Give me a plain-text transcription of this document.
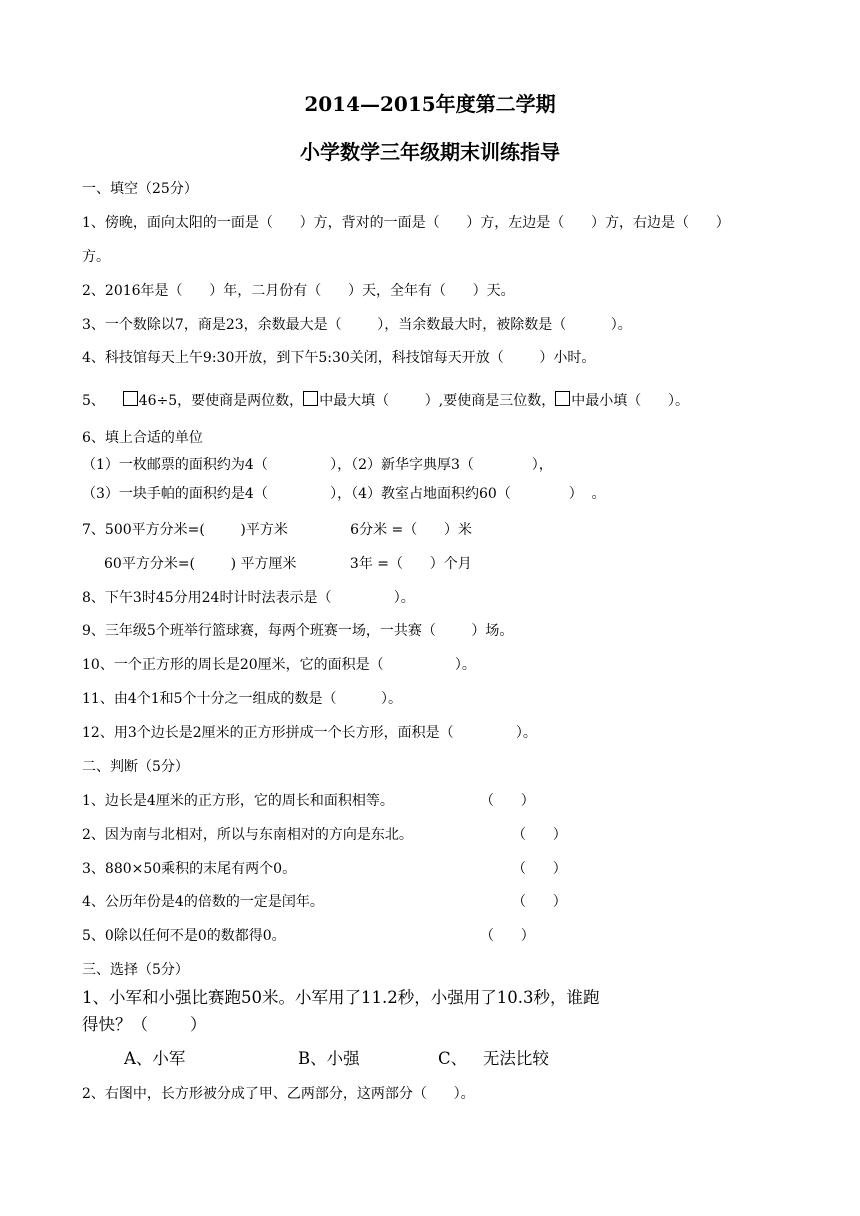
2014—2015年度第二学期
小学数学三年级期末训练指导
一、填空（25分）
1、傍晚，面向太阳的一面是（      ）方，背对的一面是（      ）方，左边是（      ）方，右边是（      ）
方。
2、2016年是（      ）年，二月份有（      ）天，全年有（      ）天。
3、一个数除以7，商是23，余数最大是（        ），当余数最大时，被除数是（          ）。
4、科技馆每天上午9:30开放，到下午5:30关闭，科技馆每天开放（        ）小时。
5、 46÷5，要使商是两位数， 中最大填（        ）,要使商是三位数， 中最小填（      ）。
6、填上合适的单位
（1）一枚邮票的面积约为4（              ），（2）新华字典厚3（             ），
（3）一块手帕的面积约是4（              ），（4）教室占地面积约60（             ）  。
7、500平方分米=(        )平方米              6分米 =（      ）米
60平方分米=(        ) 平方厘米            3年 =（      ）个月
8、下午3时45分用24时计时法表示是（              ）。
9、三年级5个班举行篮球赛，每两个班赛一场，一共赛（        ）场。
10、一个正方形的周长是20厘米，它的面积是（                ）。
11、由4个1和5个十分之一组成的数是（          ）。
12、用3个边长是2厘米的正方形拼成一个长方形，面积是（              ）。
二、判断（5分）
1、边长是4厘米的正方形，它的周长和面积相等。	（      ）
2、因为南与北相对，所以与东南相对的方向是东北。	（      ）
3、880×50乘积的末尾有两个0。	（      ）
4、公历年份是4的倍数的一定是闰年。	（      ）
5、0除以任何不是0的数都得0。	（      ）
三、选择（5分）
1、小军和小强比赛跑50米。小军用了11.2秒，小强用了10.3秒，谁跑
得快？（        ）
A、小军	B、小强	C、   无法比较
2、右图中，长方形被分成了甲、乙两部分，这两部分（      ）。
